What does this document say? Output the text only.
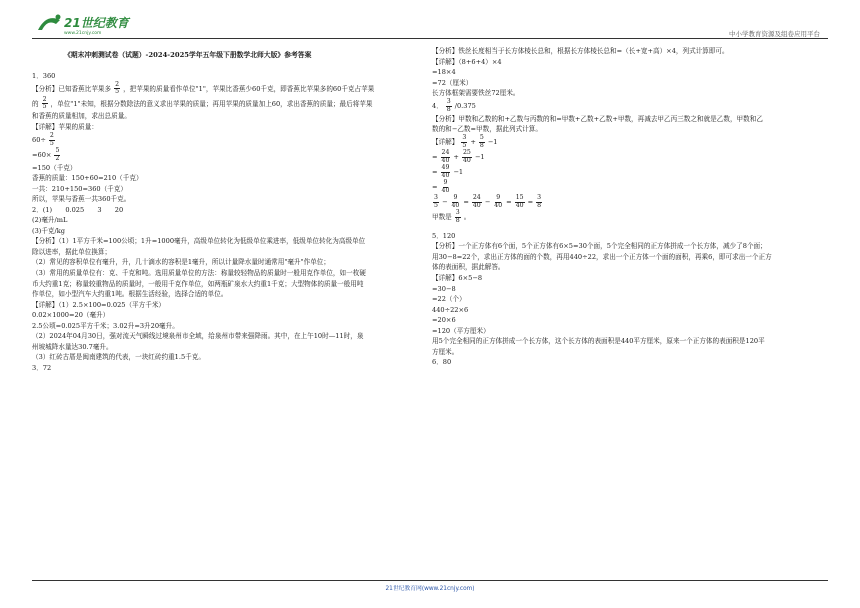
21世纪教育
www.21cnjy.com	中小学教育资源及组卷应用平台
《期末冲刺测试卷（试题）-2024-2025学年五年级下册数学北师大版》参考答案

1．360

【分析】已知香蕉比苹果多 $\frac{2}{5}$ ，把苹果的质量看作单位"1"，苹果比香蕉少60千克，即香蕉比苹果多的60千克占苹果
的 $\frac{2}{5}$ ，单位"1"未知，根据分数除法的意义求出苹果的质量；再用苹果的质量加上60，求出香蕉的质量；最后将苹果

和香蕉的质量相加，求出总质量。

【详解】苹果的质量：

$60\div \frac{2}{5}$
$=60\times \frac{5}{2}$

=150（千克）

香蕉的质量：150+60=210（千克）

一共：210+150=360（千克）

所以，苹果与香蕉一共360千克。

2．(1)　　0.025　　3　　20

(2)毫升/mL

(3)千克/kg

【分析】（1）1平方千米=100公顷；1升=1000毫升，高级单位转化为低级单位乘进率，低级单位转化为高级单位

除以进率，据此单位换算；

（2）常见的容积单位有毫升，升，几十滴水的容积是1毫升，所以计量降水量时通常用"毫升"作单位；

（3）常用的质量单位有：克、千克和吨。选用质量单位的方法：称量较轻物品的质量时一般用克作单位，如一枚硬

币大约重1克；称量较重物品的质量时，一般用千克作单位，如两瓶矿泉水大约重1千克；大型物体的质量一般用吨

作单位，如小型汽车大约重1吨。根据生活经验，选择合适的单位。

【详解】（1）2.5×100=0.025（平方千米）

0.02×1000=20（毫升）

2.5公顷=0.025平方千米；3.02升=3升20毫升。

（2）2024年04月30日，强对流天气瞬线过境泉州市全域，给泉州市带来强降雨。其中，在上午10时—11时，泉

州坡城降水量达30.7毫升。

（3）红砖古厝是闽南建筑的代表，一块红砖约重1.5千克。

3．72

【分析】铁丝长度相当于长方体棱长总和，根据长方体棱长总和=（长+宽+高）×4，列式计算即可。

【详解】（8+6+4）×4

=18×4

=72（厘米）

长方体框架需要铁丝72厘米。

4． $\frac{3}{8} /0.375$

【分析】甲数和乙数的和+乙数与丙数的和=甲数+乙数+乙数+甲数，再减去甲乙丙三数之和就是乙数，甲数和乙

数的和−乙数=甲数，据此列式计算。

【详解】 $\frac{3}{5} + \frac{5}{8} -1$
= $\frac{24}{40} + \frac{25}{40} -1$
= $\frac{49}{40} -1$
= $\frac{9}{40}$
$\frac{3}{5} - \frac{9}{40} = \frac{24}{40} - \frac{9}{40} = \frac{15}{40} = \frac{3}{8}$
甲数是 $\frac{3}{8}$ 。

5．120

【分析】一个正方体有6个面，5个正方体有6×5=30个面，5个完全相同的正方体拼成一个长方体，减少了8个面；

用30−8=22个，求出正方体的面的个数，再用440÷22，求出一个正方体一个面的面积，再乘6，即可求出一个正方

体的表面积，据此解答。

【详解】6×5−8

=30−8

=22（个）

440÷22×6

=20×6

=120（平方厘米）

用5个完全相同的正方体拼成一个长方体，这个长方体的表面积是440平方厘米，原来一个正方体的表面积是120平

方厘米。

6．80

21世纪教育网(www.21cnjy.com)
